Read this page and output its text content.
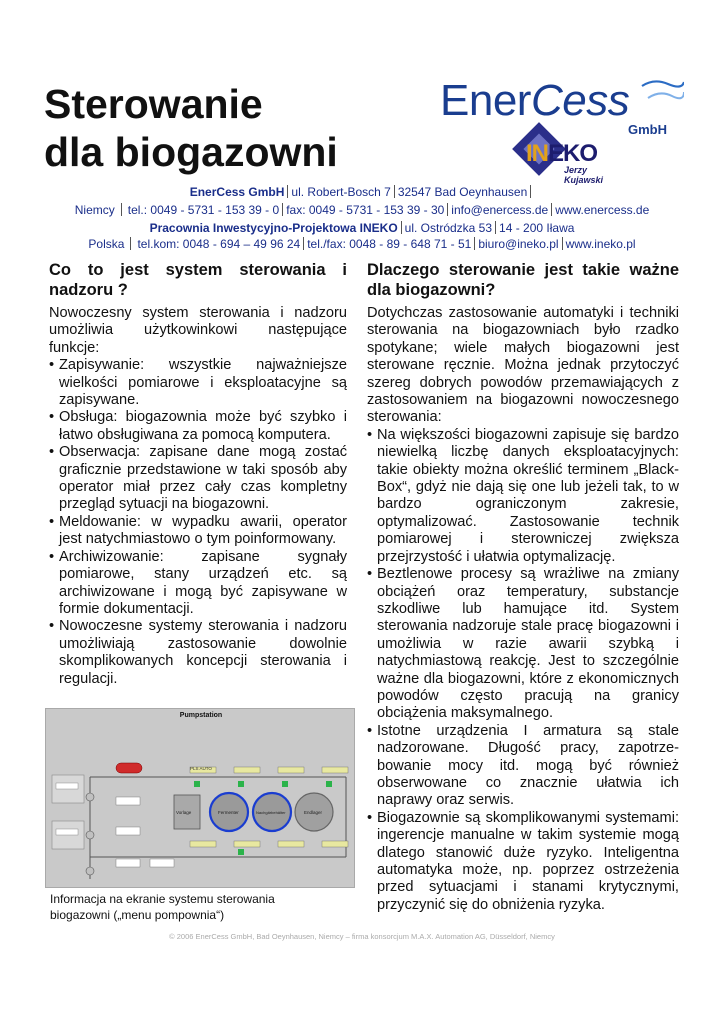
Sterowanie
dla biogazowni
EnerCess
GmbH
INEKO
Jerzy Kujawski
EnerCess GmbH ul. Robert-Bosch 7 32547 Bad Oeynhausen
Niemcy tel.: 0049 - 5731 - 153 39 - 0 fax: 0049 - 5731 - 153 39 - 30 info@enercess.de www.enercess.de
Pracownia Inwestycyjno-Projektowa INEKO ul. Ostródzka 53 14 - 200 Iława
Polska tel.kom: 0048 - 694 – 49 96 24 tel./fax: 0048 - 89 - 648 71 - 51 biuro@ineko.pl www.ineko.pl
Co to jest system sterowania i nadzoru ?

Nowoczesny system sterowania i nadzoru umożliwia użytkowinkowi następujące funkcje:

• Zapisywanie: wszystkie najważniejsze wielkości pomiarowe i eksploatacyjne są zapisywane.
• Obsługa: biogazownia może być szybko i łatwo obsługiwana za pomocą komputera.
• Obserwacja: zapisane dane mogą zostać graficznie przedstawione w taki sposób aby operator miał przez cały czas kompletny przegląd sytuacji na biogazowni.
• Meldowanie: w wypadku awarii, operator jest natychmiastowo o tym poinformowany.
• Archiwizowanie: zapisane sygnały pomiarowe, stany urządzeń etc. są archiwizowane i mogą być zapisywane w formie dokumentacji.
• Nowoczesne systemy sterowania i nadzoru umożliwiają zastosowanie dowolnie skomplikowanych koncepcji sterowania i regulacji.
Dlaczego sterowanie jest takie ważne dla biogazowni?

Dotychczas zastosowanie automatyki i techniki sterowania na biogazowniach było rzadko spotykane; wiele małych biogazowni jest sterowane ręcznie. Można jednak przytoczyć szereg dobrych powodów przemawiających z zastosowaniem na biogazowni nowoczesnego sterowania:

• Na większości biogazowni zapisuje się bardzo niewielką liczbę danych eksploatacyjnych: takie obiekty można określić terminem „Black-Box“, gdyż nie dają się one lub jeżeli tak, to w bardzo ograniczonym zakresie, optymalizować. Zastosowanie technik pomiarowej i sterowniczej zwiększa przejrzystość i ułatwia optymalizację.
• Beztlenowe procesy są wrażliwe na zmiany obciążeń oraz temperatury, substancje szkodliwe lub hamujące itd. System sterowania nadzoruje stale pracę biogazowni i umożliwia w razie awarii szybką i natychmiastową reakcję. Jest to szczególnie ważne dla biogazowni, które z ekonomicznych powodów często pracują na granicy obciążenia maksymalnego.
• Istotne urządzenia I armatura są stale nadzorowane. Długość pracy, zapotrze-bowanie mocy itd. mogą być również obserwowane co znacznie ułatwia ich naprawy oraz serwis.
• Biogazownie są skomplikowanymi systemami: ingerencje manualne w takim systemie mogą dlatego stanowić duże ryzyko. Inteligentna automatyka może, np. poprzez ostrzeżenia przed sytuacjami i stanami krytycznymi, przyczynić się do obniżenia ryzyka.
Pumpstation
PLS AUTO
Vorlage	Fermenter	Nachgärbehälter	Endlager
Informacja na ekranie systemu sterowania
biogazowni („menu pompownia“)
© 2006 EnerCess GmbH, Bad Oeynhausen, Niemcy – firma konsorcjum M.A.X. Automation AG, Düsseldorf, Niemcy
